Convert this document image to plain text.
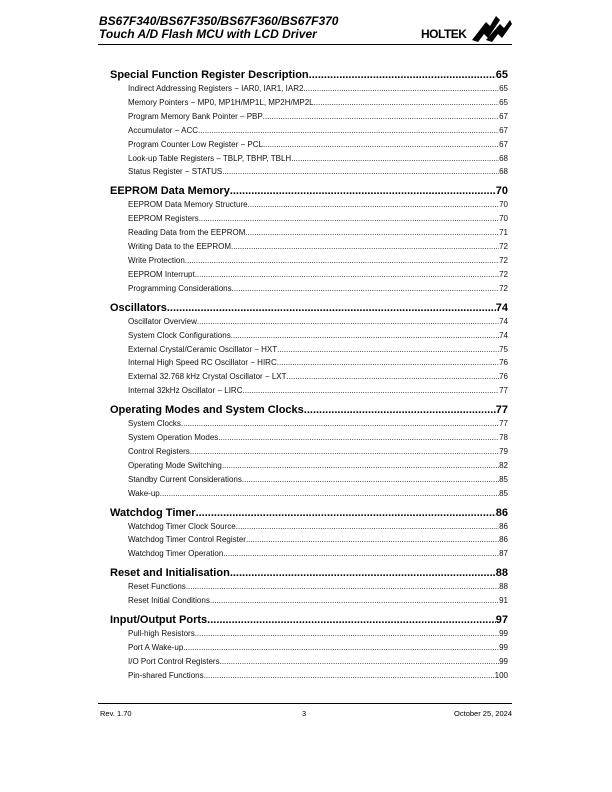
BS67F340/BS67F350/BS67F360/BS67F370
Touch A/D Flash MCU with LCD Driver	HOLTEK
Special Function Register Description .....	65
Indirect Addressing Registers − IAR0, IAR1, IAR2 .....	65
Memory Pointers − MP0, MP1H/MP1L, MP2H/MP2L .....	65
Program Memory Bank Pointer – PBP .....	67
Accumulator − ACC .....	67
Program Counter Low Register − PCL .....	67
Look-up Table Registers – TBLP, TBHP, TBLH .....	68
Status Register − STATUS .....	68
EEPROM Data Memory .....	70
EEPROM Data Memory Structure .....	70
EEPROM Registers .....	70
Reading Data from the EEPROM .....	71
Writing Data to the EEPROM .....	72
Write Protection .....	72
EEPROM Interrupt .....	72
Programming Considerations .....	72
Oscillators .....	74
Oscillator Overview .....	74
System Clock Configurations .....	74
External Crystal/Ceramic Oscillator − HXT .....	75
Internal High Speed RC Oscillator − HIRC .....	76
External 32.768 kHz Crystal Oscillator − LXT .....	76
Internal 32kHz Oscillator − LIRC .....	77
Operating Modes and System Clocks .....	77
System Clocks .....	77
System Operation Modes .....	78
Control Registers .....	79
Operating Mode Switching .....	82
Standby Current Considerations .....	85
Wake-up .....	85
Watchdog Timer .....	86
Watchdog Timer Clock Source .....	86
Watchdog Timer Control Register .....	86
Watchdog Timer Operation .....	87
Reset and Initialisation .....	88
Reset Functions .....	88
Reset Initial Conditions .....	91
Input/Output Ports .....	97
Pull-high Resistors .....	99
Port A Wake-up .....	99
I/O Port Control Registers .....	99
Pin-shared Functions .....	100
Rev. 1.70	3	October 25, 2024
